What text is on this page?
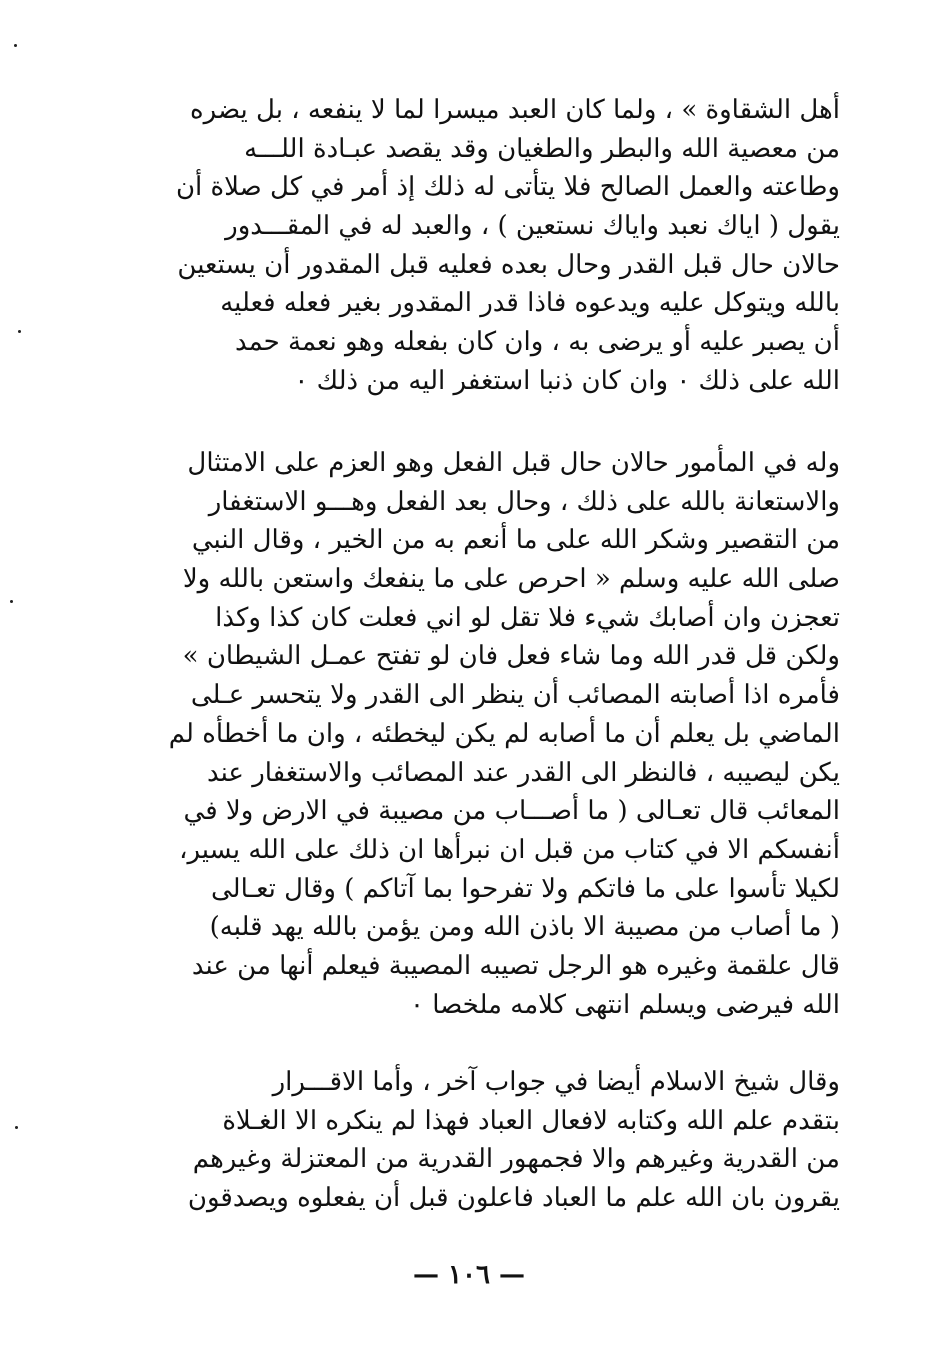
أهل الشقاوة » ، ولما كان العبد ميسرا لما لا ينفعه ، بل يضره
من معصية الله والبطر والطغيان وقد يقصد عبـادة اللـــه
وطاعته والعمل الصالح فلا يتأتى له ذلك إذ أمر في كل صلاة أن
يقول ( اياك نعبد واياك نستعين ) ، والعبد له في المقـــدور
حالان حال قبل القدر وحال بعده فعليه قبل المقدور أن يستعين
بالله ويتوكل عليه ويدعوه فاذا قدر المقدور بغير فعله فعليه
أن يصبر عليه أو يرضى به ، وان كان بفعله وهو نعمة حمد
الله على ذلك ٠ وان كان ذنبا استغفر اليه من ذلك ٠
وله في المأمور حالان حال قبل الفعل وهو العزم على الامتثال
والاستعانة بالله على ذلك ، وحال بعد الفعل وهـــو الاستغفار
من التقصير وشكر الله على ما أنعم به من الخير ، وقال النبي
صلى الله عليه وسلم « احرص على ما ينفعك واستعن بالله ولا
تعجزن وان أصابك شيء فلا تقل لو اني فعلت كان كذا وكذا
ولكن قل قدر الله وما شاء فعل فان لو تفتح عمـل الشيطان »
فأمره اذا أصابته المصائب أن ينظر الى القدر ولا يتحسر عـلى
الماضي بل يعلم أن ما أصابه لم يكن ليخطئه ، وان ما أخطأه لم
يكن ليصيبه ، فالنظر الى القدر عند المصائب والاستغفار عند
المعائب قال تعـالى ( ما أصـــاب من مصيبة في الارض ولا في
أنفسكم الا في كتاب من قبل ان نبرأها ان ذلك على الله يسير،
لكيلا تأسوا على ما فاتكم ولا تفرحوا بما آتاكم ) وقال تعـالى
( ما أصاب من مصيبة الا باذن الله ومن يؤمن بالله يهد قلبه)
قال علقمة وغيره هو الرجل تصيبه المصيبة فيعلم أنها من عند
الله فيرضى ويسلم انتهى كلامه ملخصا ٠
وقال شيخ الاسلام أيضا في جواب آخر ، وأما الاقـــرار
بتقدم علم الله وكتابه لافعال العباد فهذا لم ينكره الا الغـلاة
من القدرية وغيرهم والا فجمهور القدرية من المعتزلة وغيرهم
يقرون بان الله علم ما العباد فاعلون قبل أن يفعلوه ويصدقون
— ١٠٦ —
